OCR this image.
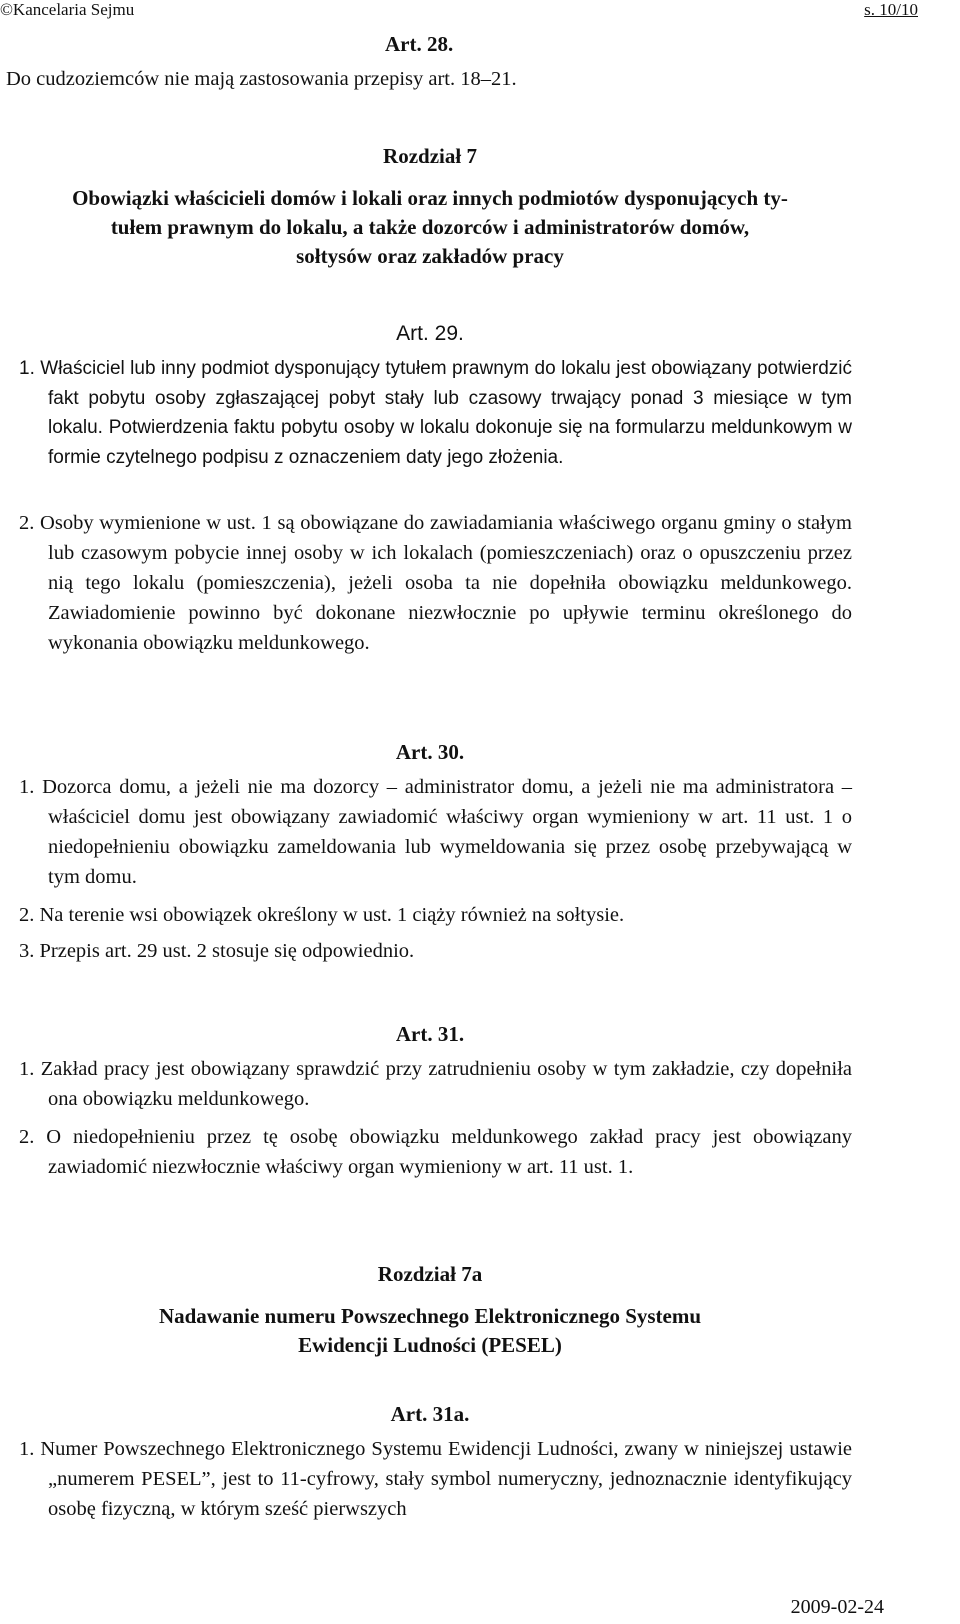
©Kancelaria Sejmu	s. 10/10
Art. 28.
Do cudzoziemców nie mają zastosowania przepisy art. 18–21.
Rozdział 7
Obowiązki właścicieli domów i lokali oraz innych podmiotów dysponujących ty-
tułem prawnym do lokalu, a także dozorców i administratorów domów,
sołtysów oraz zakładów pracy
Art. 29.
1. Właściciel lub inny podmiot dysponujący tytułem prawnym do lokalu jest obowiązany potwierdzić fakt pobytu osoby zgłaszającej pobyt stały lub czasowy trwający ponad 3 miesiące w tym lokalu. Potwierdzenia faktu pobytu osoby w lokalu dokonuje się na formularzu meldunkowym w formie czytelnego podpisu z oznaczeniem daty jego złożenia.
2. Osoby wymienione w ust. 1 są obowiązane do zawiadamiania właściwego organu gminy o stałym lub czasowym pobycie innej osoby w ich lokalach (pomieszczeniach) oraz o opuszczeniu przez nią tego lokalu (pomieszczenia), jeżeli osoba ta nie dopełniła obowiązku meldunkowego. Zawiadomienie powinno być dokonane niezwłocznie po upływie terminu określonego do wykonania obowiązku meldunkowego.
Art. 30.
1. Dozorca domu, a jeżeli nie ma dozorcy – administrator domu, a jeżeli nie ma administratora – właściciel domu jest obowiązany zawiadomić właściwy organ wymieniony w art. 11 ust. 1 o niedopełnieniu obowiązku zameldowania lub wymeldowania się przez osobę przebywającą w tym domu.
2. Na terenie wsi obowiązek określony w ust. 1 ciąży również na sołtysie.
3. Przepis art. 29 ust. 2 stosuje się odpowiednio.
Art. 31.
1. Zakład pracy jest obowiązany sprawdzić przy zatrudnieniu osoby w tym zakładzie, czy dopełniła ona obowiązku meldunkowego.
2. O niedopełnieniu przez tę osobę obowiązku meldunkowego zakład pracy jest obowiązany zawiadomić niezwłocznie właściwy organ wymieniony w art. 11 ust. 1.
Rozdział 7a
Nadawanie numeru Powszechnego Elektronicznego Systemu
Ewidencji Ludności (PESEL)
Art. 31a.
1. Numer Powszechnego Elektronicznego Systemu Ewidencji Ludności, zwany w niniejszej ustawie „numerem PESEL”, jest to 11-cyfrowy, stały symbol numeryczny, jednoznacznie identyfikujący osobę fizyczną, w którym sześć pierwszych
2009-02-24
